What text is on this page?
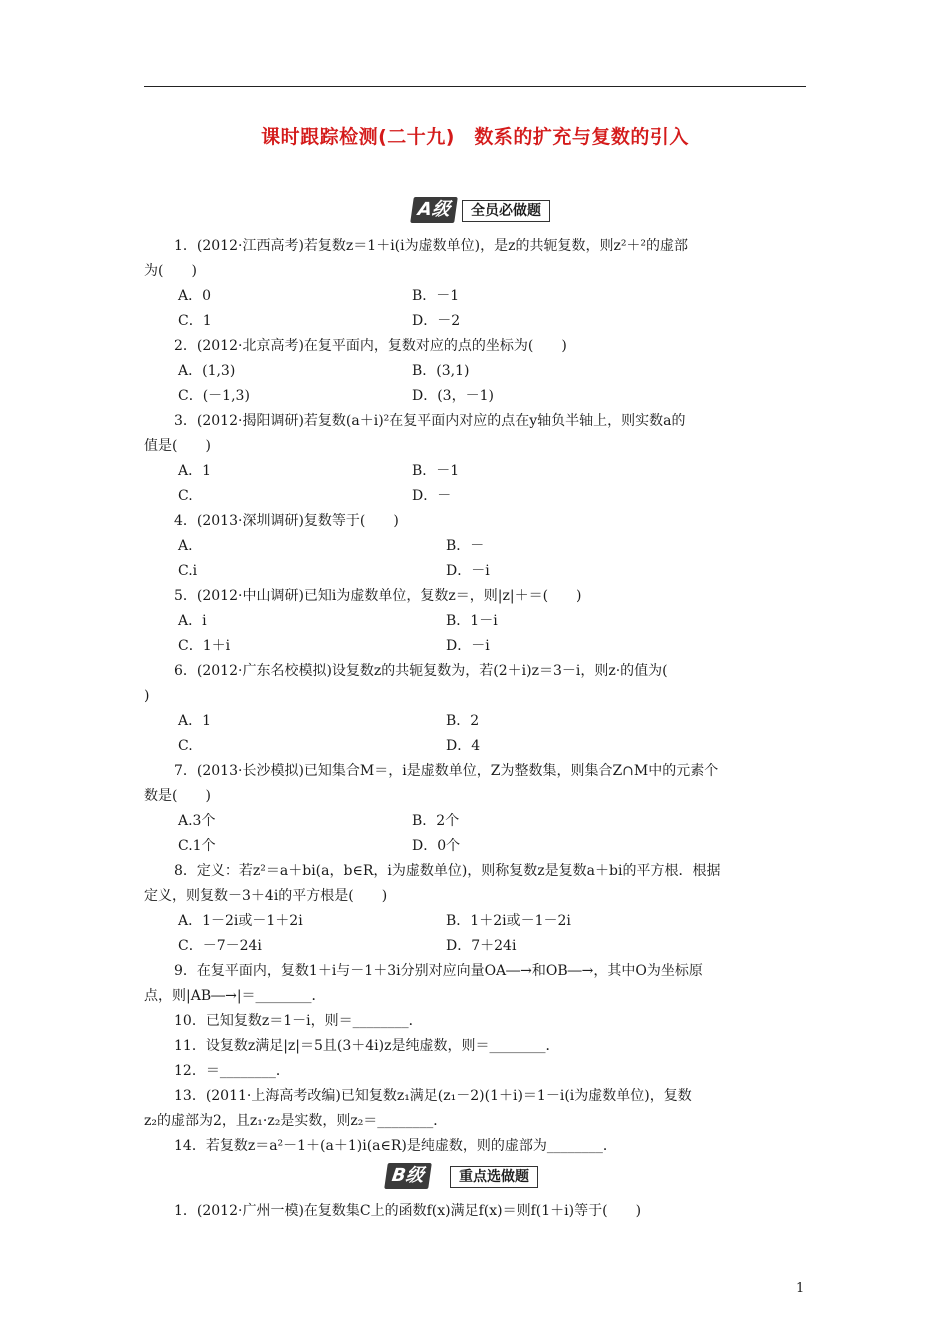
课时跟踪检测(二十九)　数系的扩充与复数的引入
A级	全员必做题
B级	重点选做题
1．(2012·江西高考)若复数z＝1＋i(i为虚数单位)，是z的共轭复数，则z²＋²的虚部
为(　　)
A．0	B．－1
C．1	D．－2
2．(2012·北京高考)在复平面内，复数对应的点的坐标为(　　)
A．(1,3)	B．(3,1)
C．(－1,3)	D．(3，－1)
3．(2012·揭阳调研)若复数(a＋i)²在复平面内对应的点在y轴负半轴上，则实数a的
值是(　　)
A．1	B．－1
C.	D．－
4．(2013·深圳调研)复数等于(　　)
A.	B．－
C.i	D．－i
5．(2012·中山调研)已知i为虚数单位，复数z＝，则|z|＋＝(　　)
A．i	B．1－i
C．1＋i	D．－i
6．(2012·广东名校模拟)设复数z的共轭复数为，若(2＋i)z＝3－i，则z·的值为(
)
A．1	B．2
C.	D．4
7．(2013·长沙模拟)已知集合M＝，i是虚数单位，Z为整数集，则集合Z∩M中的元素个
数是(　　)
A.3个	B．2个
C.1个	D．0个
8．定义：若z²＝a＋bi(a，b∈R，i为虚数单位)，则称复数z是复数a＋bi的平方根．根据
定义，则复数－3＋4i的平方根是(　　)
A．1－2i或－1＋2i	B．1＋2i或－1－2i
C．－7－24i	D．7＋24i
9．在复平面内，复数1＋i与－1＋3i分别对应向量OA―→和OB―→，其中O为坐标原
点，则|AB―→|＝________．
10．已知复数z＝1－i，则＝________．
11．设复数z满足|z|＝5且(3＋4i)z是纯虚数，则＝________．
12．＝________．
13．(2011·上海高考改编)已知复数z₁满足(z₁－2)(1＋i)＝1－i(i为虚数单位)，复数
z₂的虚部为2，且z₁·z₂是实数，则z₂＝________．
14．若复数z＝a²－1＋(a＋1)i(a∈R)是纯虚数，则的虚部为________．
1．(2012·广州一模)在复数集C上的函数f(x)满足f(x)＝则f(1＋i)等于(　　)
1
